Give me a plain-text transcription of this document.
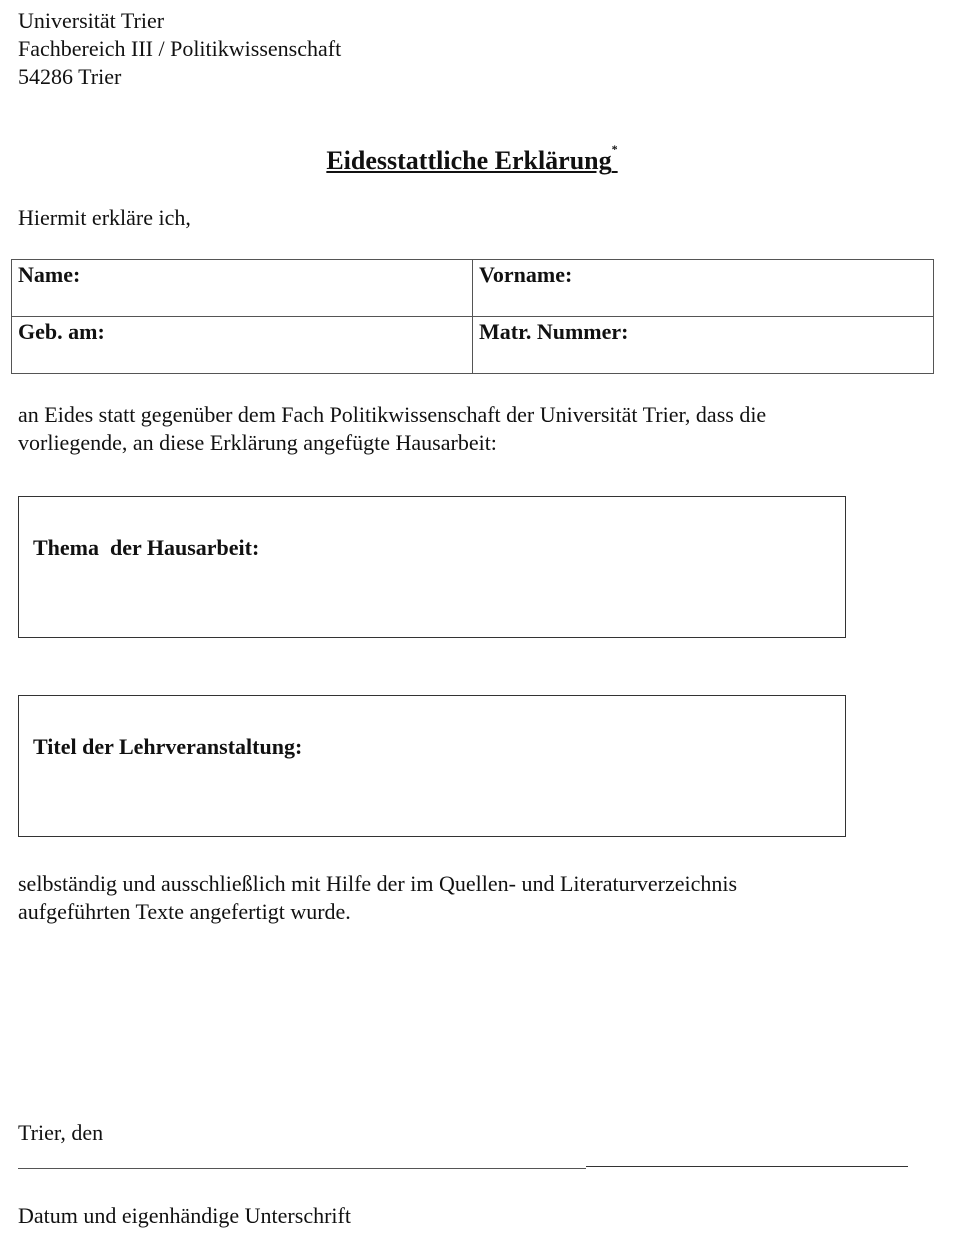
Universität Trier
Fachbereich III / Politikwissenschaft
54286 Trier
Eidesstattliche Erklärung*
Hiermit erkläre ich,
Name:	Vorname:
Geb. am:	Matr. Nummer:
an Eides statt gegenüber dem Fach Politikwissenschaft der Universität Trier, dass die
vorliegende, an diese Erklärung angefügte Hausarbeit:
Thema  der Hausarbeit:
Titel der Lehrveranstaltung:
selbständig und ausschließlich mit Hilfe der im Quellen- und Literaturverzeichnis
aufgeführten Texte angefertigt wurde.
Trier, den
Datum und eigenhändige Unterschrift
